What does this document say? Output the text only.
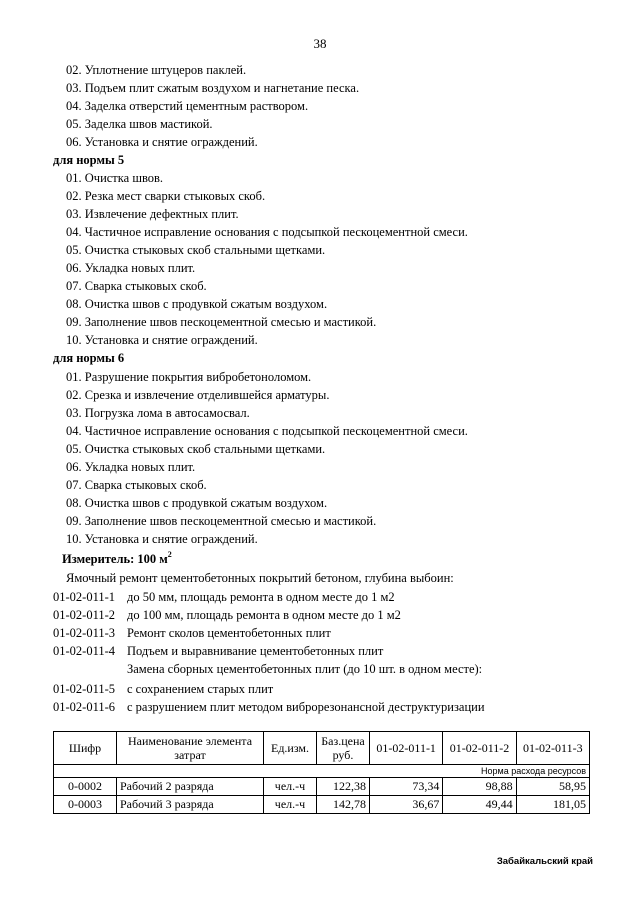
38
02. Уплотнение штуцеров паклей.
03. Подъем плит сжатым воздухом и нагнетание песка.
04. Заделка отверстий цементным раствором.
05. Заделка швов мастикой.
06. Установка и снятие ограждений.
для нормы 5
01. Очистка швов.
02. Резка мест сварки стыковых скоб.
03. Извлечение дефектных плит.
04. Частичное исправление основания с подсыпкой пескоцементной смеси.
05. Очистка стыковых скоб стальными щетками.
06. Укладка новых плит.
07. Сварка стыковых скоб.
08. Очистка швов с продувкой сжатым воздухом.
09. Заполнение швов пескоцементной смесью и мастикой.
10. Установка и снятие ограждений.
для нормы 6
01. Разрушение покрытия вибробетоноломом.
02. Срезка и извлечение отделившейся арматуры.
03. Погрузка лома в автосамосвал.
04. Частичное исправление основания с подсыпкой пескоцементной смеси.
05. Очистка стыковых скоб стальными щетками.
06. Укладка новых плит.
07. Сварка стыковых скоб.
08. Очистка швов с продувкой сжатым воздухом.
09. Заполнение швов пескоцементной смесью и мастикой.
10. Установка и снятие ограждений.
Измеритель: 100 $м^2$
Ямочный ремонт цементобетонных покрытий бетоном, глубина выбоин:
01-02-011-1 до 50 мм, площадь ремонта в одном месте до 1 м2
01-02-011-2 до 100 мм, площадь ремонта в одном месте до 1 м2
01-02-011-3 Ремонт сколов цементобетонных плит
01-02-011-4 Подъем и выравнивание цементобетонных плит
Замена сборных цементобетонных плит (до 10 шт. в одном месте):
01-02-011-5 с сохранением старых плит
01-02-011-6 с разрушением плит методом виброрезонансной деструктуризации
Шифр	Наименование элемента затрат	Ед.изм.	Баз.цена руб.	01-02-011-1	01-02-011-2	01-02-011-3
Норма расхода ресурсов						
0-0002	Рабочий 2 разряда	чел.-ч	122,38	73,34	98,88	58,95
0-0003	Рабочий 3 разряда	чел.-ч	142,78	36,67	49,44	181,05
Забайкальский край
